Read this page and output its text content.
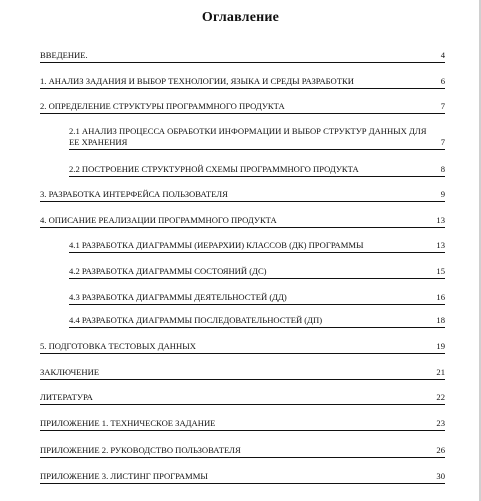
Оглавление
ВВЕДЕНИЕ.	4
1. АНАЛИЗ ЗАДАНИЯ И ВЫБОР ТЕХНОЛОГИИ, ЯЗЫКА И СРЕДЫ РАЗРАБОТКИ	6
2. ОПРЕДЕЛЕНИЕ СТРУКТУРЫ ПРОГРАММНОГО ПРОДУКТА	7
2.1 АНАЛИЗ ПРОЦЕССА ОБРАБОТКИ ИНФОРМАЦИИ И ВЫБОР СТРУКТУР ДАННЫХ ДЛЯ ЕЕ ХРАНЕНИЯ	7
2.2 ПОСТРОЕНИЕ СТРУКТУРНОЙ СХЕМЫ ПРОГРАММНОГО ПРОДУКТА	8
3. РАЗРАБОТКА ИНТЕРФЕЙСА ПОЛЬЗОВАТЕЛЯ	9
4. ОПИСАНИЕ РЕАЛИЗАЦИИ ПРОГРАММНОГО ПРОДУКТА	13
4.1 РАЗРАБОТКА ДИАГРАММЫ (ИЕРАРХИИ) КЛАССОВ (ДК) ПРОГРАММЫ	13
4.2 РАЗРАБОТКА ДИАГРАММЫ СОСТОЯНИЙ (ДС)	15
4.3 РАЗРАБОТКА ДИАГРАММЫ ДЕЯТЕЛЬНОСТЕЙ (ДД)	16
4.4 РАЗРАБОТКА ДИАГРАММЫ ПОСЛЕДОВАТЕЛЬНОСТЕЙ (ДП)	18
5. ПОДГОТОВКА ТЕСТОВЫХ ДАННЫХ	19
ЗАКЛЮЧЕНИЕ	21
ЛИТЕРАТУРА	22
ПРИЛОЖЕНИЕ 1. ТЕХНИЧЕСКОЕ ЗАДАНИЕ	23
ПРИЛОЖЕНИЕ 2. РУКОВОДСТВО ПОЛЬЗОВАТЕЛЯ	26
ПРИЛОЖЕНИЕ 3. ЛИСТИНГ ПРОГРАММЫ	30
